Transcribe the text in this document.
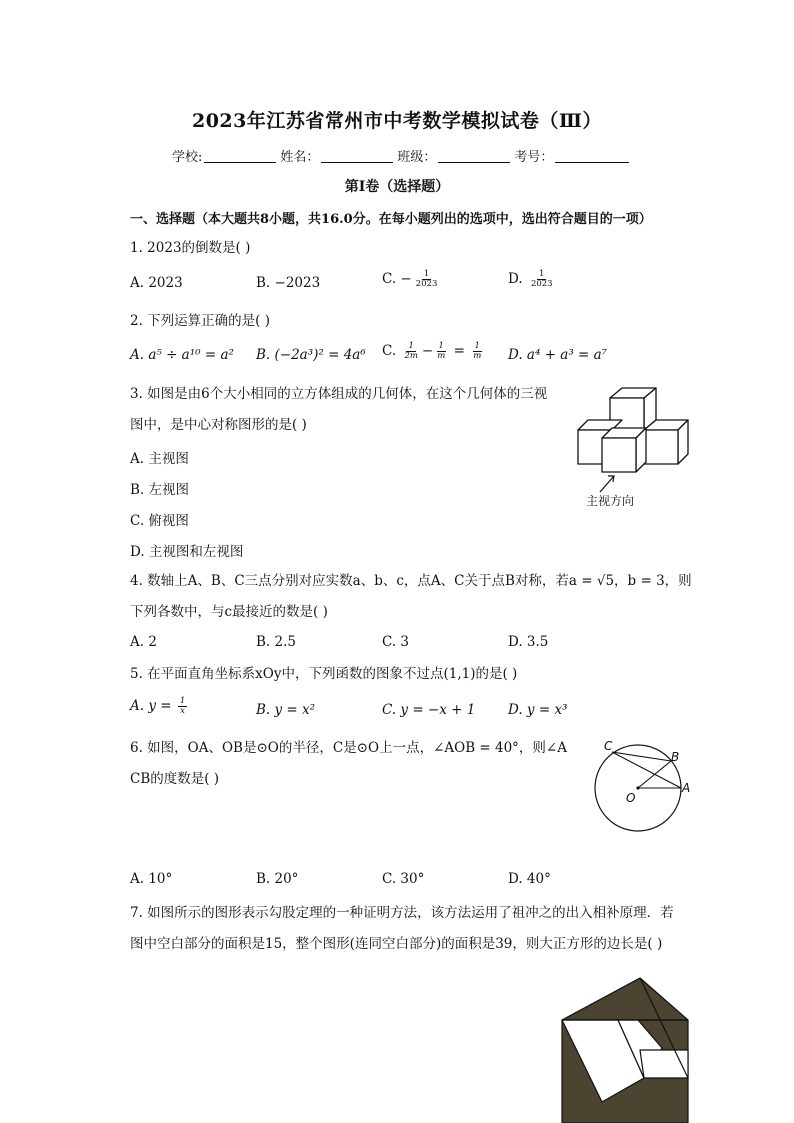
2023年江苏省常州市中考数学模拟试卷（Ⅲ）
学校:	姓名：	班级：	考号：
第Ⅰ卷（选择题）
一、选择题（本大题共8小题，共16.0分。在每小题列出的选项中，选出符合题目的一项）
1. 2023的倒数是( )
A. 2023	B. −2023	C. − $\frac{1}{2023}$	D. $\frac{1}{2023}$
2. 下列运算正确的是( )
A. a⁵ ÷ a¹⁰ = a² B. (−2a³)² = 4a⁶ C. $\frac{1}{2m} - \frac{1}{m} = \frac{1}{m} D$. a⁴ + a³ = a⁷
3. 如图是由6个大小相同的立方体组成的几何体，在这个几何体的三视
图中，是中心对称图形的是( )
A. 主视图
B. 左视图
C. 俯视图
D. 主视图和左视图
主视方向
4. 数轴上A、B、C三点分别对应实数a、b、c，点A、C关于点B对称，若a = √5，b = 3，则
下列各数中，与c最接近的数是( )
A. 2	B. 2.5	C. 3	D. 3.5
5. 在平面直角坐标系xOy中，下列函数的图象不过点(1,1)的是( )
A. $y = \frac{1}{x}$	B. y = x²	C. y = −x + 1 D. y = x³
6. 如图，OA、OB是⊙O的半径，C是⊙O上一点，∠AOB = 40°，则∠A
CB的度数是( )
A. 10°	B. 20°	C. 30°	D. 40°
C
B
A
O
7. 如图所示的图形表示勾股定理的一种证明方法，该方法运用了祖冲之的出入相补原理．若
图中空白部分的面积是15，整个图形(连同空白部分)的面积是39，则大正方形的边长是( )
